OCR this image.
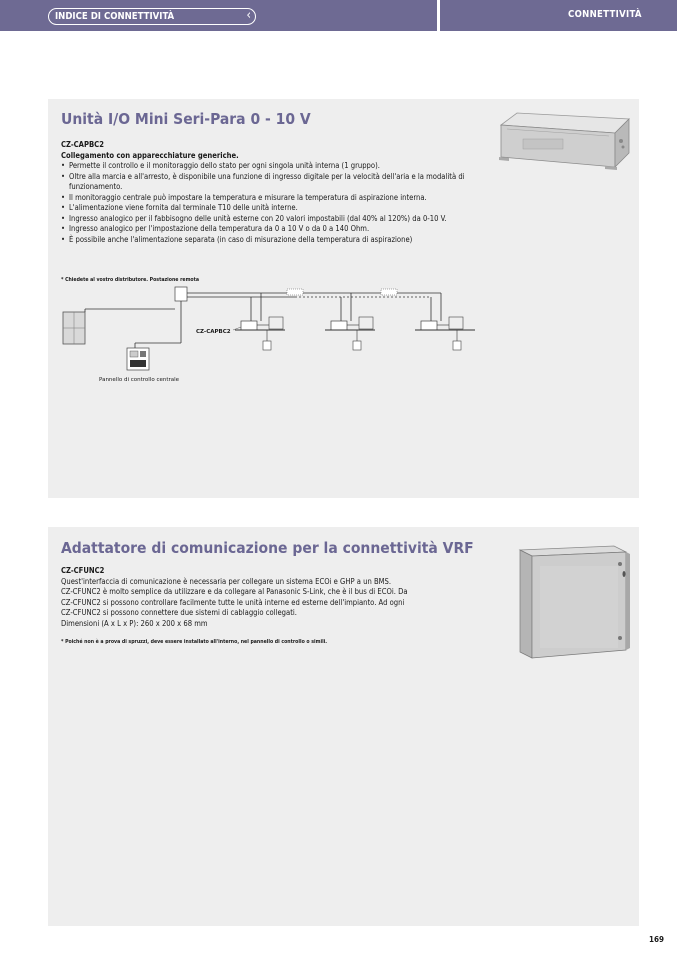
INDICE DI CONNETTIVITÀ	‹	CONNETTIVITÀ
Unità I/O Mini Seri-Para 0 - 10 V
CZ-CAPBC2
Collegamento con apparecchiature generiche.
• Permette il controllo e il monitoraggio dello stato per ogni singola unità interna (1 gruppo).
• Oltre alla marcia e all'arresto, è disponibile una funzione di ingresso digitale per la velocità dell'aria e la modalità di funzionamento.
• Il monitoraggio centrale può impostare la temperatura e misurare la temperatura di aspirazione interna.
• L'alimentazione viene fornita dal terminale T10 delle unità interne.
• Ingresso analogico per il fabbisogno delle unità esterne con 20 valori impostabili (dal 40% al 120%) da 0-10 V.
• Ingresso analogico per l'impostazione della temperatura da 0 a 10 V o da 0 a 140 Ohm.
• È possibile anche l'alimentazione separata (in caso di misurazione della temperatura di aspirazione)
* Chiedete al vostro distributore. Postazione remota
CZ-CAPBC2
Pannello di controllo centrale
Adattatore di comunicazione per la connettività VRF
CZ-CFUNC2
Quest'interfaccia di comunicazione è necessaria per collegare un sistema ECOi e GHP a un BMS.
CZ-CFUNC2 è molto semplice da utilizzare e da collegare al Panasonic S-Link, che è il bus di ECOi. Da
CZ-CFUNC2 si possono controllare facilmente tutte le unità interne ed esterne dell'impianto. Ad ogni
CZ-CFUNC2 si possono connettere due sistemi di cablaggio collegati.
Dimensioni (A x L x P): 260 x 200 x 68 mm
* Poiché non è a prova di spruzzi, deve essere installato all'interno, nel pannello di controllo o simili.
169
